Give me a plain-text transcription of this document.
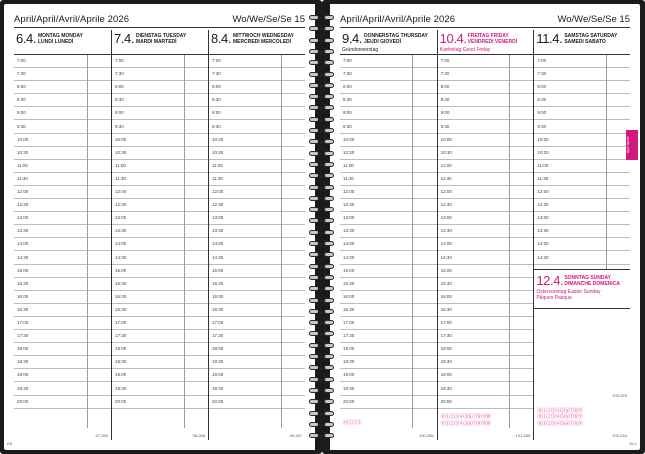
April/April/Avril/Aprile 2026	Wo/We/Se/Se 15
6.4. MONTAG MONDAY
LUNDI LUNEDÌ
7:00
7:30
8:00
8:30
9:00
9:30
10:00
10:30
11:00
11:30
12:00
12:30
13:00
13:30
14:00
14:30
15:00
15:30
16:00
16:30
17:00
17:30
18:00
18:30
19:00
19:30
20:00
97-269
7.4. DIENSTAG TUESDAY
MARDI MARTEDÌ
7:00
7:30
8:00
8:30
9:00
9:30
10:00
10:30
11:00
11:30
12:00
12:30
13:00
13:30
14:00
14:30
15:00
15:30
16:00
16:30
17:00
17:30
18:00
18:30
19:00
19:30
20:00
98-268
8.4. MITTWOCH WEDNESDAY
MERCREDI MERCOLEDÌ
7:00
7:30
8:00
8:30
9:00
9:30
10:00
10:30
11:00
11:30
12:00
12:30
13:00
13:30
14:00
14:30
15:00
15:30
16:00
16:30
17:00
17:30
18:00
18:30
19:00
19:30
20:00
99-267
KK
April/April/Avril/Aprile 2026	Wo/We/Se/Se 15
9.4. DONNERSTAG THURSDAY
JEUDI GIOVEDÌ
Gründonnerstag
7:00
7:30
8:00
8:30
9:00
9:30
10:00
10:30
11:00
11:30
12:00
12:30
13:00
13:30
14:00
14:30
15:00
15:30
16:00
16:30
17:00
17:30
18:00
18:30
19:00
19:30
20:00
100-266
⓪①②③
10.4. FREITAG FRIDAY
VENDREDI VENERDÌ
Karfreitag Good Friday
7:00
7:30
8:00
8:30
9:00
9:30
10:00
10:30
11:00
11:30
12:00
12:30
13:00
13:30
14:00
14:30
15:00
15:30
16:00
16:30
17:00
17:30
18:00
18:30
19:00
19:30
20:00
101-265
⓪①②③④⑤⑥⑦⑧⑨⑩
⓪①②③④⑤⑥⑦⑧⑨⑩
11.4. SAMSTAG SATURDAY
SAMEDI SABATO
7:00
7:30
8:00
8:30
9:00
9:30
10:00
10:30
11:00
11:30
12:00
12:30
13:00
13:30
14:00
14:30
102-264
⓪①②③④⑤⑥⑦⑧⑨
⓪①②③④⑤⑥⑦⑧⑨
⓪①②③④⑤⑥⑦⑧⑨
103-263
12.4. SONNTAG SUNDAY
DIMANCHE DOMENICA
Ostersonntag Easter Sunday
Pâques Pasqua
15-1
April Aprile
